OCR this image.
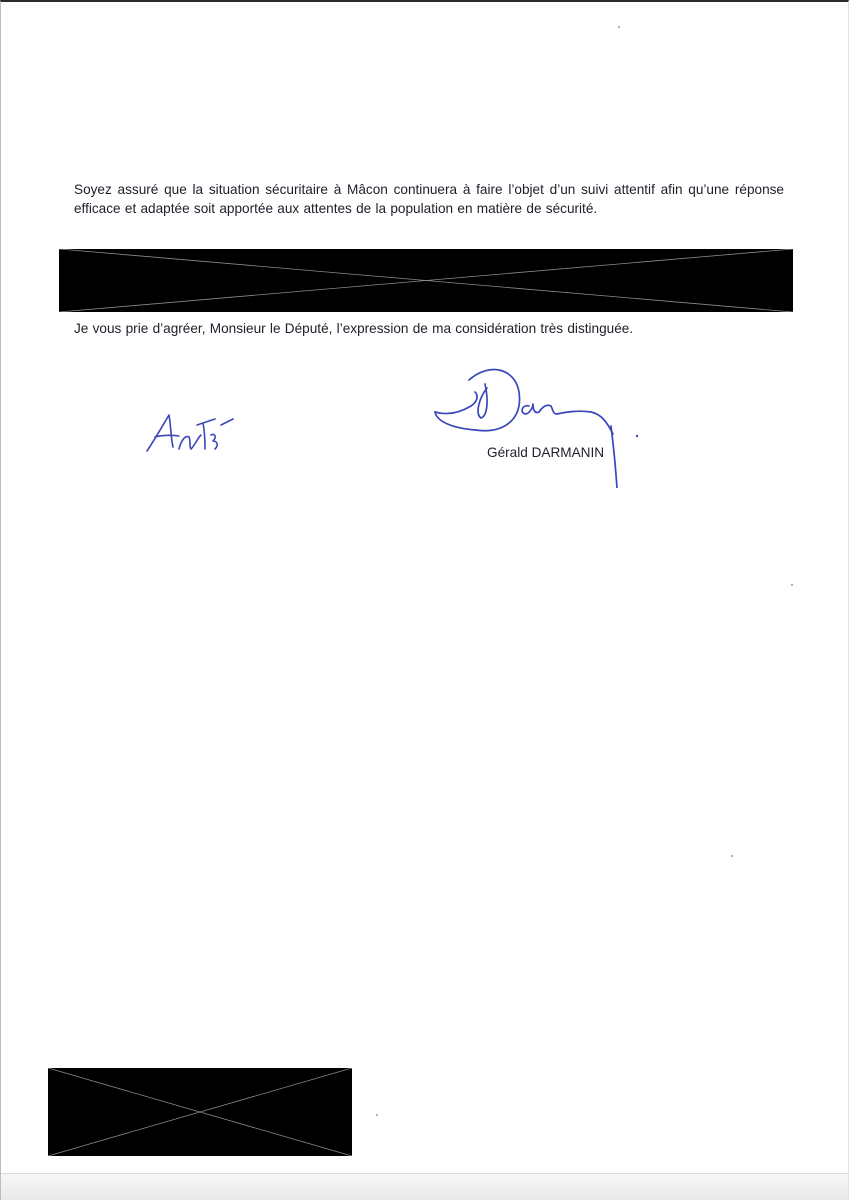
Soyez assuré que la situation sécuritaire à Mâcon continuera à faire l’objet d’un suivi attentif afin qu’une réponse efficace et adaptée soit apportée aux attentes de la population en matière de sécurité.

Je vous prie d’agréer, Monsieur le Député, l’expression de ma considération très distinguée.

Gérald DARMANIN
